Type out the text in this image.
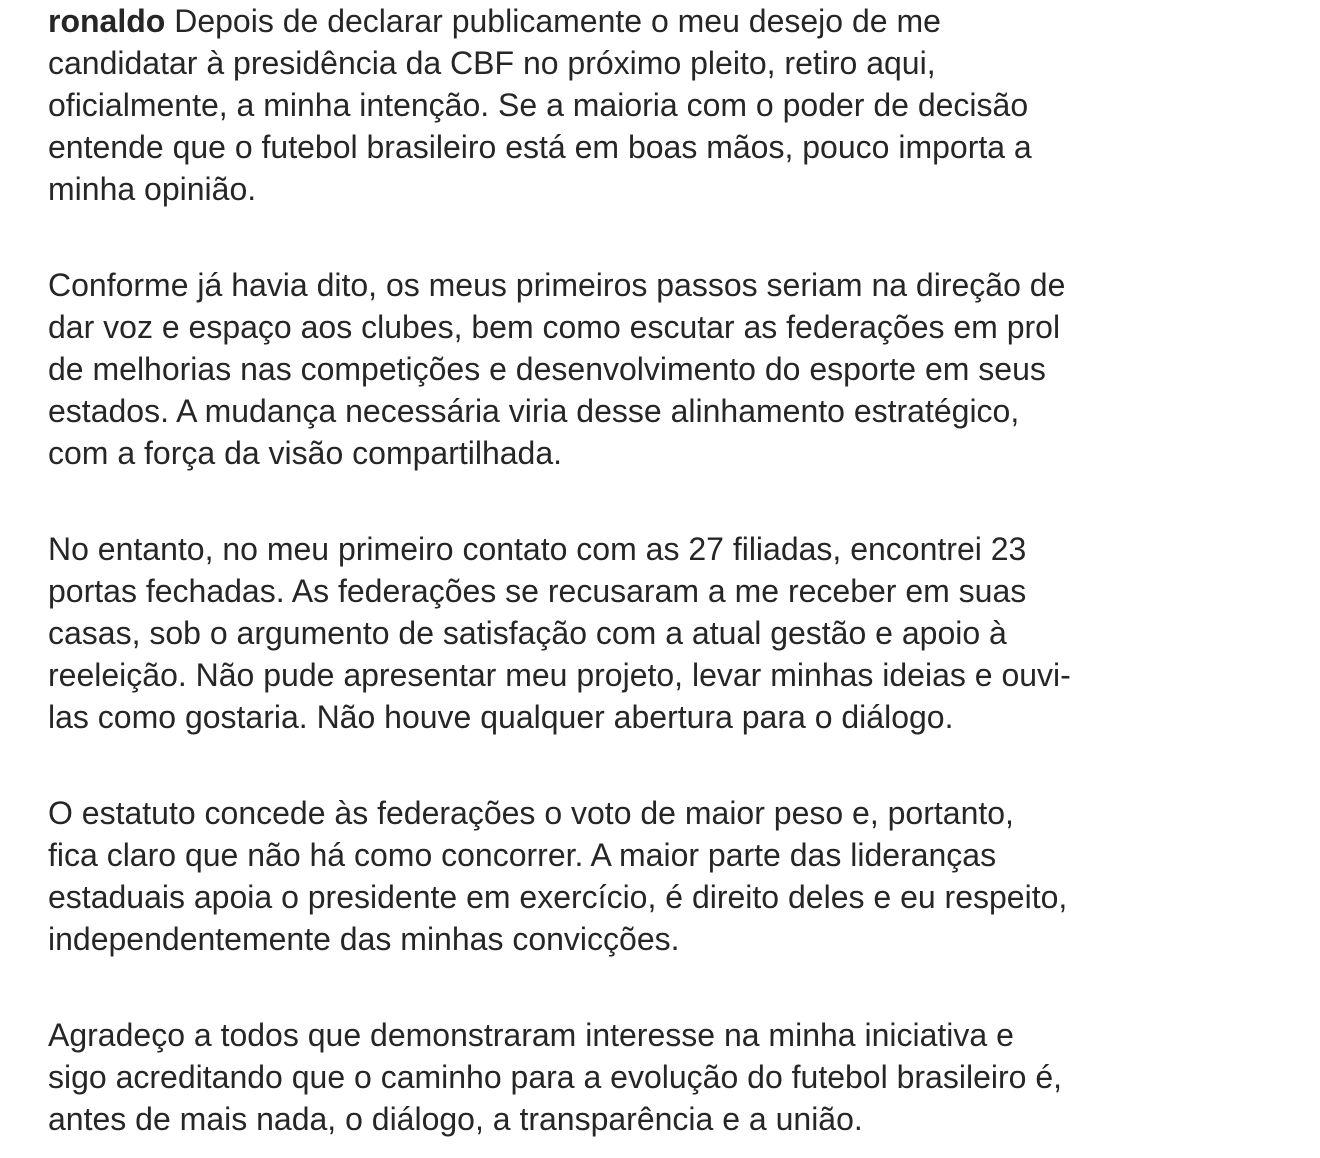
ronaldo Depois de declarar publicamente o meu desejo de me
candidatar à presidência da CBF no próximo pleito, retiro aqui,
oficialmente, a minha intenção. Se a maioria com o poder de decisão
entende que o futebol brasileiro está em boas mãos, pouco importa a
minha opinião.

Conforme já havia dito, os meus primeiros passos seriam na direção de
dar voz e espaço aos clubes, bem como escutar as federações em prol
de melhorias nas competições e desenvolvimento do esporte em seus
estados. A mudança necessária viria desse alinhamento estratégico,
com a força da visão compartilhada.

No entanto, no meu primeiro contato com as 27 filiadas, encontrei 23
portas fechadas. As federações se recusaram a me receber em suas
casas, sob o argumento de satisfação com a atual gestão e apoio à
reeleição. Não pude apresentar meu projeto, levar minhas ideias e ouvi-
las como gostaria. Não houve qualquer abertura para o diálogo.

O estatuto concede às federações o voto de maior peso e, portanto,
fica claro que não há como concorrer. A maior parte das lideranças
estaduais apoia o presidente em exercício, é direito deles e eu respeito,
independentemente das minhas convicções.

Agradeço a todos que demonstraram interesse na minha iniciativa e
sigo acreditando que o caminho para a evolução do futebol brasileiro é,
antes de mais nada, o diálogo, a transparência e a união.
